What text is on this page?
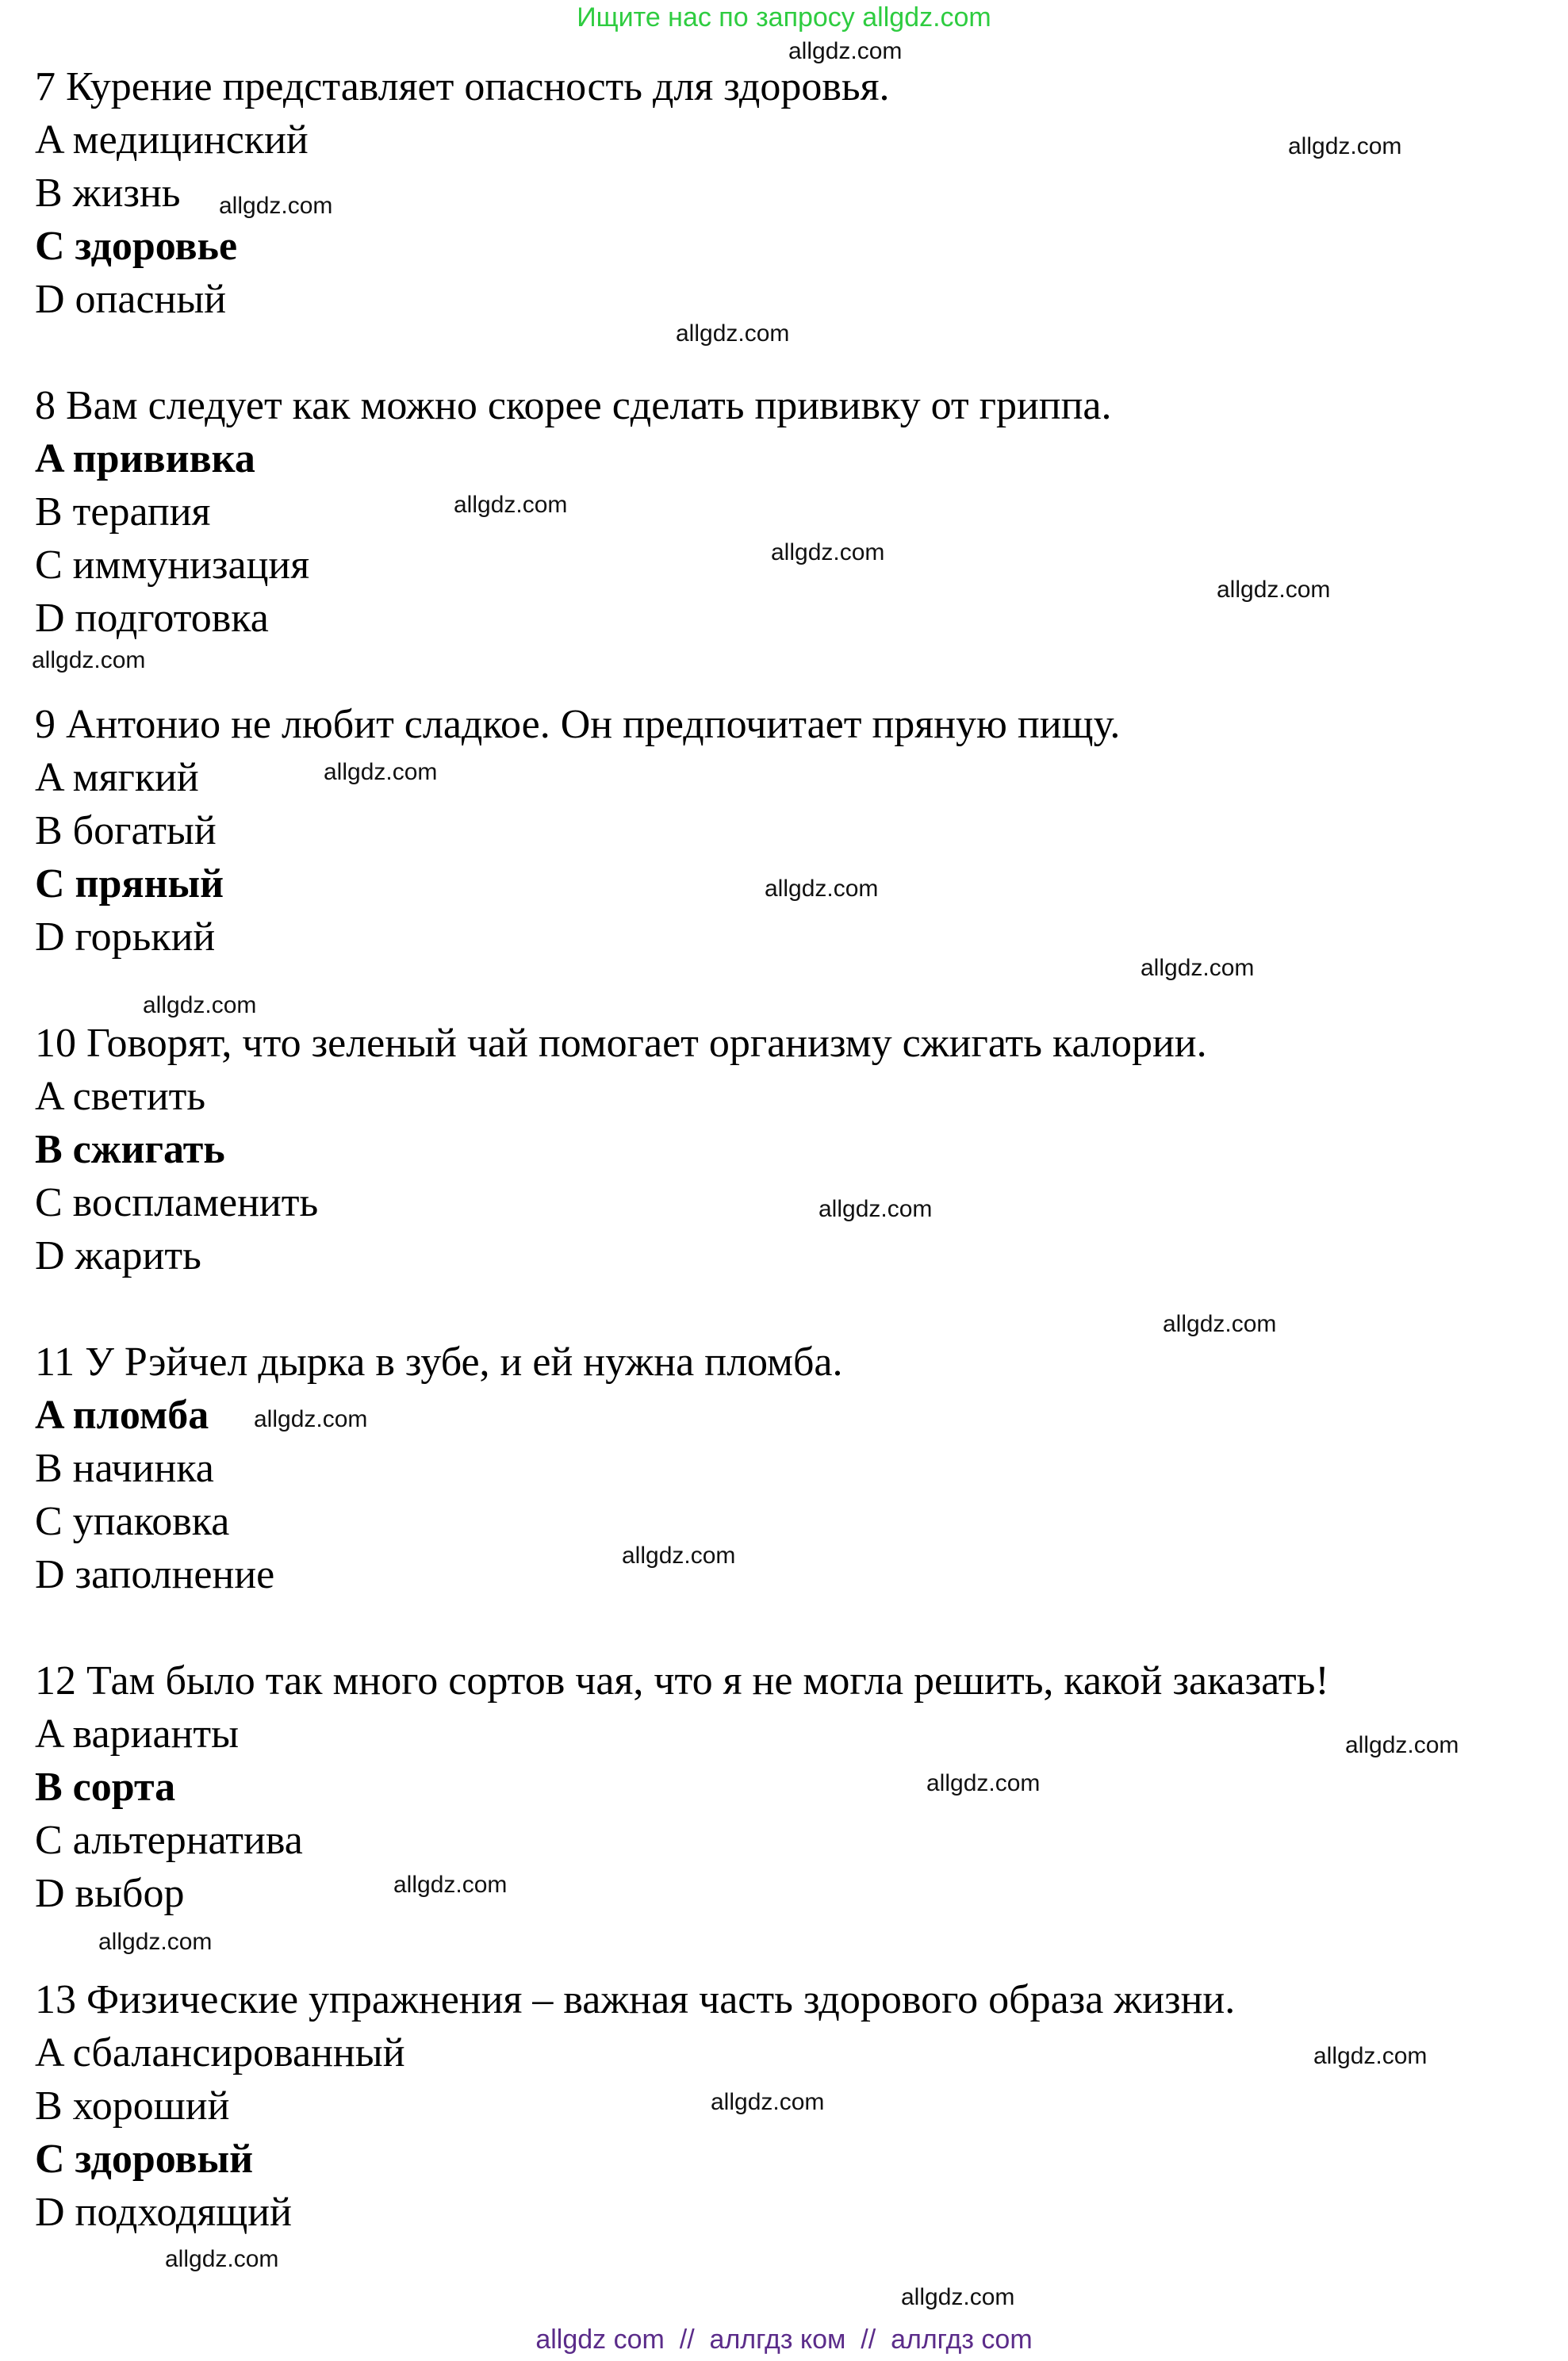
Ищите нас по запросу allgdz.com
allgdz.com
allgdz.com
allgdz.com
allgdz.com
allgdz.com
allgdz.com
allgdz.com
allgdz.com
allgdz.com
allgdz.com
allgdz.com
allgdz.com
allgdz.com
allgdz.com
allgdz.com
allgdz.com
allgdz.com
allgdz.com
allgdz.com
allgdz.com
allgdz.com
allgdz.com
allgdz.com
allgdz.com
7 Курение представляет опасность для здоровья.
A медицинский
B жизнь
C здоровье
D опасный
8 Вам следует как можно скорее сделать прививку от гриппа.
A прививка
B терапия
C иммунизация
D подготовка
9 Антонио не любит сладкое. Он предпочитает пряную пищу.
A мягкий
B богатый
C пряный
D горький
10 Говорят, что зеленый чай помогает организму сжигать калории.
A светить
B сжигать
C воспламенить
D жарить
11 У Рэйчел дырка в зубе, и ей нужна пломба.
A пломба
B начинка
C упаковка
D заполнение
12 Там было так много сортов чая, что я не могла решить, какой заказать!
A варианты
B сорта
C альтернатива
D выбор
13 Физические упражнения – важная часть здорового образа жизни.
A сбалансированный
B хороший
C здоровый
D подходящий
allgdz com  //  аллгдз ком  //  аллгдз com
